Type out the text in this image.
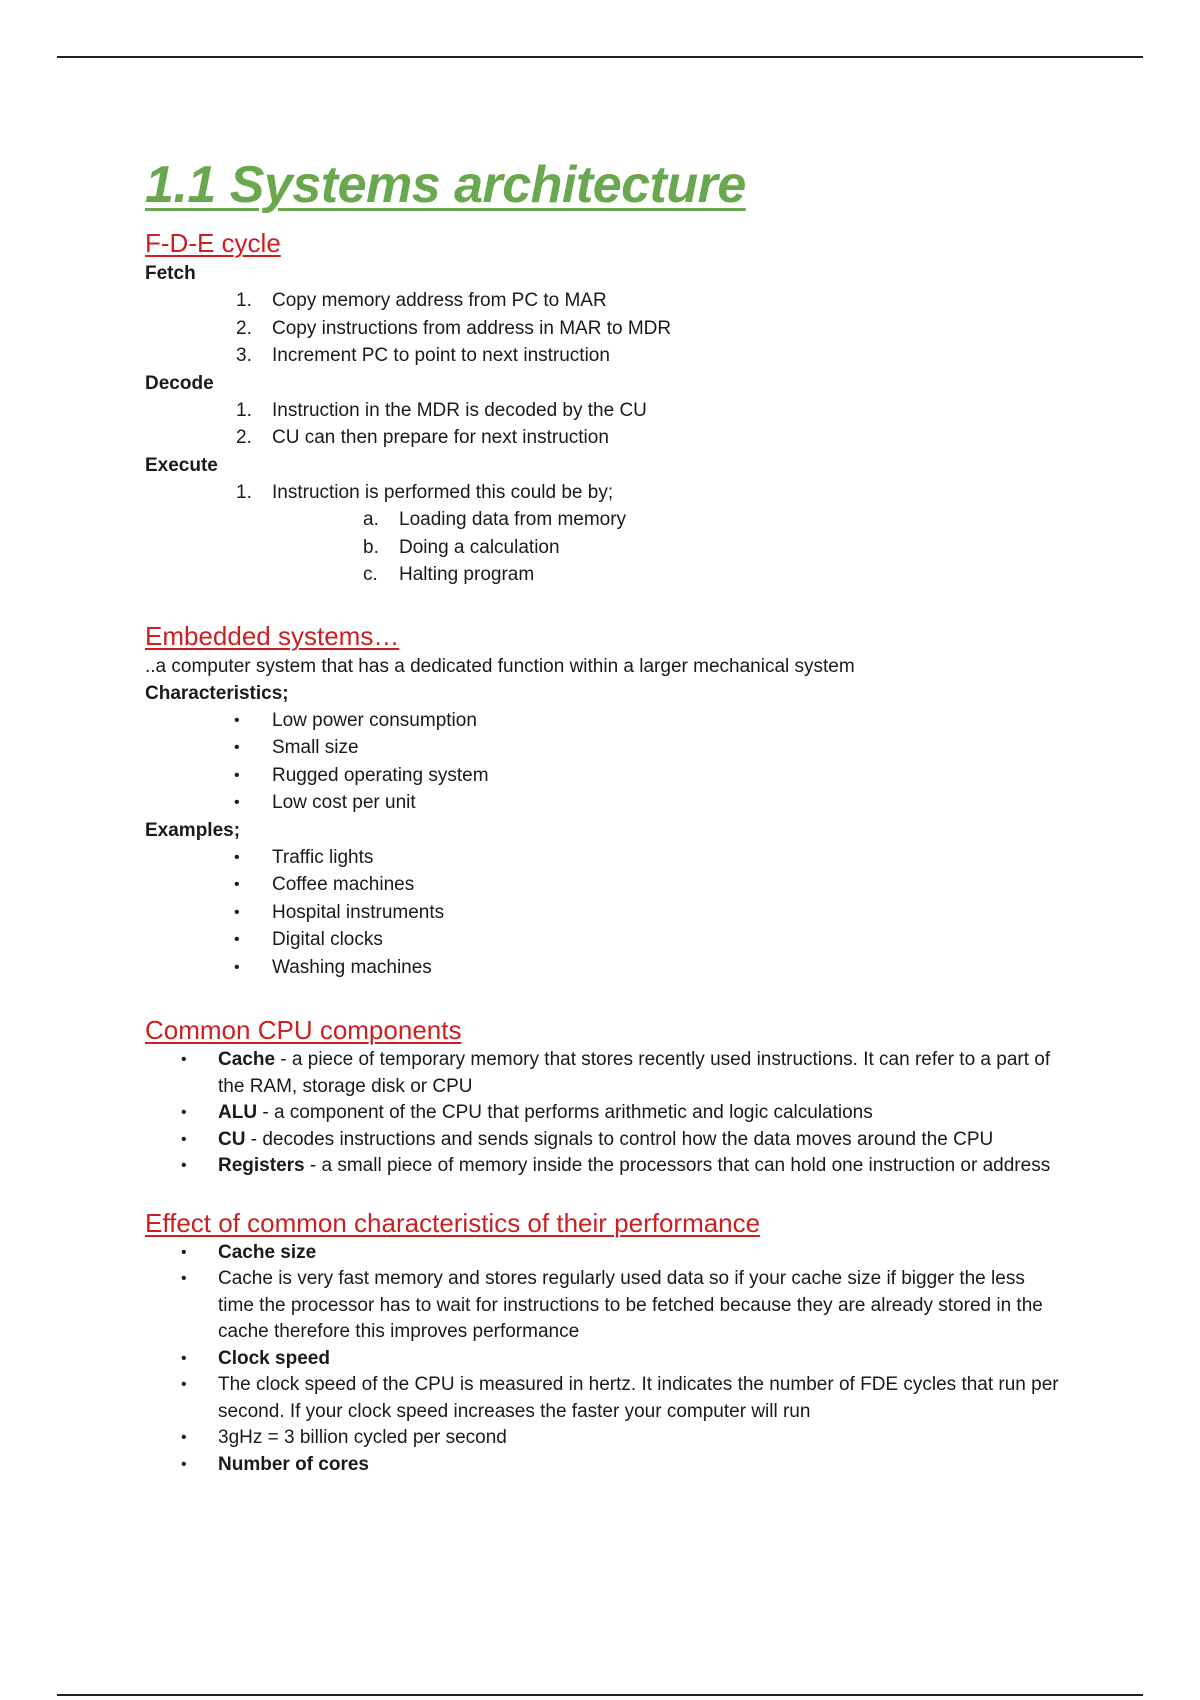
1.1 Systems architecture
F-D-E cycle

Fetch

1. Copy memory address from PC to MAR
2. Copy instructions from address in MAR to MDR
3. Increment PC to point to next instruction

Decode

1. Instruction in the MDR is decoded by the CU
2. CU can then prepare for next instruction

Execute

1. Instruction is performed this could be by;
a. Loading data from memory
b. Doing a calculation
c. Halting program
Embedded systems…

..a computer system that has a dedicated function within a larger mechanical system

Characteristics;

• Low power consumption
• Small size
• Rugged operating system
• Low cost per unit

Examples;

• Traffic lights
• Coffee machines
• Hospital instruments
• Digital clocks
• Washing machines
Common CPU components
• Cache - a piece of temporary memory that stores recently used instructions. It can refer to a part of the RAM, storage disk or CPU
• ALU - a component of the CPU that performs arithmetic and logic calculations
• CU - decodes instructions and sends signals to control how the data moves around the CPU
• Registers - a small piece of memory inside the processors that can hold one instruction or address
Effect of common characteristics of their performance
• Cache size
• Cache is very fast memory and stores regularly used data so if your cache size if bigger the less time the processor has to wait for instructions to be fetched because they are already stored in the cache therefore this improves performance
• Clock speed
• The clock speed of the CPU is measured in hertz. It indicates the number of FDE cycles that run per second. If your clock speed increases the faster your computer will run
• 3gHz = 3 billion cycled per second
• Number of cores
